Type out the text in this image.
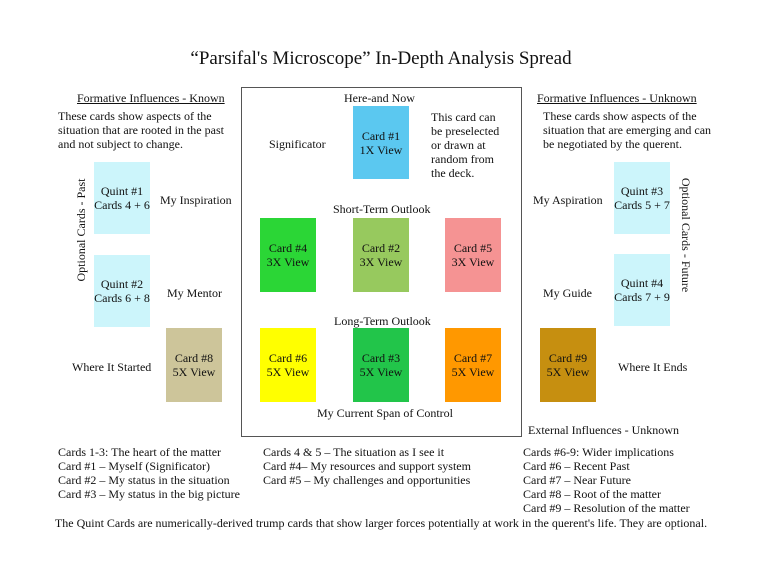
“Parsifal's Microscope” In-Depth Analysis Spread
Formative Influences - Known
These cards show aspects of the
situation that are rooted in the past
and not subject to change.
Formative Influences - Unknown
These cards show aspects of the
situation that are emerging and can
be negotiated by the querent.
Optional Cards - Past	Optional Cards - Future
Quint #1
Cards 4 + 6
Quint #2
Cards 6 + 8
Quint #3
Cards 5 + 7
Quint #4
Cards 7 + 9
My Inspiration
My Mentor
Where It Started
My Aspiration
My Guide
Where It Ends
Here-and Now
Significator
This card can
be preselected
or drawn at
random from
the deck.
Short-Term Outlook
Long-Term Outlook
My Current Span of Control
Card #1
1X View
Card #4
3X View
Card #2
3X View
Card #5
3X View
Card #6
5X View
Card #3
5X View
Card #7
5X View
Card #8
5X View
Card #9
5X View
External Influences - Unknown
Cards 1-3: The heart of the matter
Card #1 – Myself (Significator)
Card #2 – My status in the situation
Card #3 – My status in the big picture
Cards 4 & 5 – The situation as I see it
Card #4– My resources and support system
Card #5 – My challenges and opportunities
Cards #6-9: Wider implications
Card #6 – Recent Past
Card #7 – Near Future
Card #8 – Root of the matter
Card #9 – Resolution of the matter
The Quint Cards are numerically-derived trump cards that show larger forces potentially at work in the querent's life. They are optional.
